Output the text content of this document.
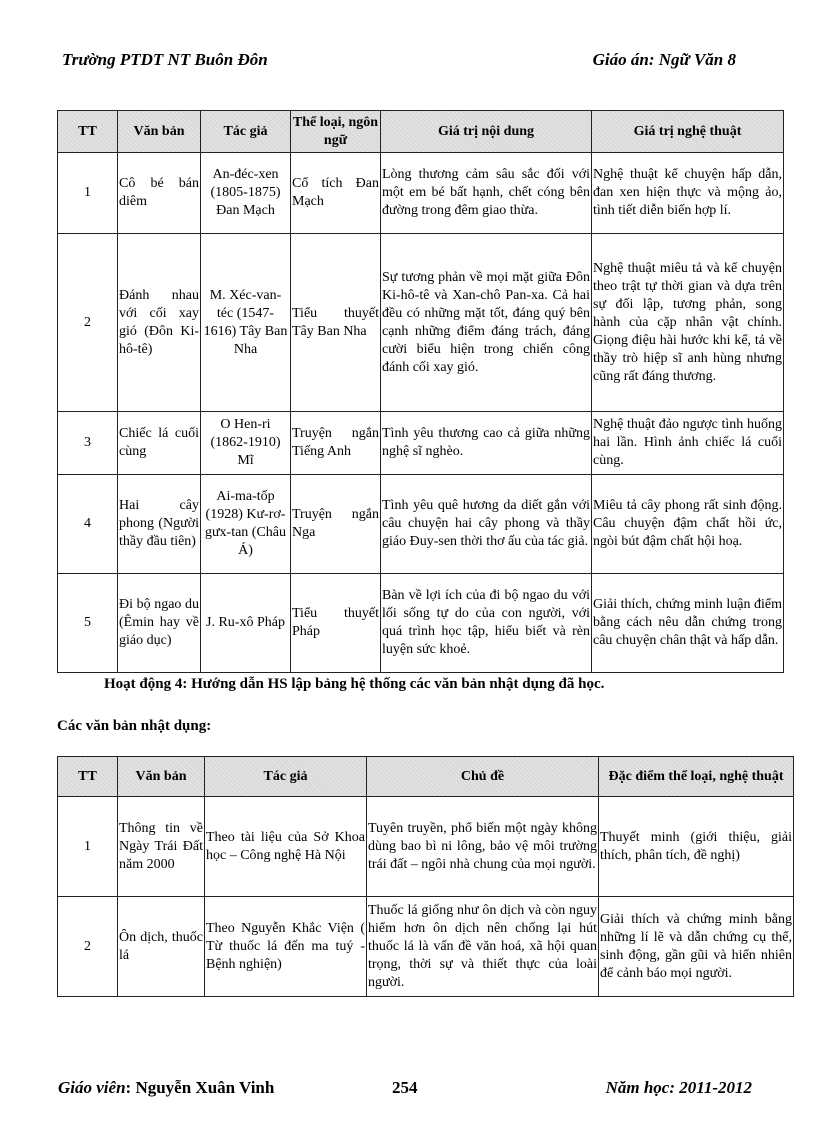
Trường PTDT NT Buôn Đôn	Giáo án: Ngữ Văn 8
TT	Văn bản	Tác giả	Thể loại, ngôn ngữ	Giá trị nội dung	Giá trị nghệ thuật
1	Cô bé bán diêm	An-đéc-xen (1805-1875) Đan Mạch	Cổ tích Đan Mạch	Lòng thương cảm sâu sắc đối với một em bé bất hạnh, chết cóng bên đường trong đêm giao thừa.	Nghệ thuật kể chuyện hấp dẫn, đan xen hiện thực và mộng ảo, tình tiết diễn biến hợp lí.
2	Đánh nhau với cối xay gió (Đôn Ki-hô-tê)	M. Xéc-van-téc (1547-1616) Tây Ban Nha	Tiểu thuyết Tây Ban Nha	Sự tương phản về mọi mặt giữa Đôn Ki-hô-tê và Xan-chô Pan-xa. Cả hai đều có những mặt tốt, đáng quý bên cạnh những điểm đáng trách, đáng cười biểu hiện trong chiến công đánh cối xay gió.	Nghệ thuật miêu tả và kể chuyện theo trật tự thời gian và dựa trên sự đối lập, tương phản, song hành của cặp nhân vật chính. Giọng điệu hài hước khi kể, tả về thầy trò hiệp sĩ anh hùng nhưng cũng rất đáng thương.
3	Chiếc lá cuối cùng	O Hen-ri (1862-1910) Mĩ	Truyện ngắn Tiếng Anh	Tình yêu thương cao cả giữa những nghệ sĩ nghèo.	Nghệ thuật đảo ngược tình huống hai lần. Hình ảnh chiếc lá cuối cùng.
4	Hai cây phong (Người thầy đầu tiên)	Ai-ma-tốp (1928) Kư-rơ-gưx-tan (Châu Á)	Truyện ngắn Nga	Tình yêu quê hương da diết gắn với câu chuyện hai cây phong và thầy giáo Đuy-sen thời thơ ấu của tác giả.	Miêu tả cây phong rất sinh động. Câu chuyện đậm chất hồi ức, ngòi bút đậm chất hội hoạ.
5	Đi bộ ngao du (Êmin hay về giáo dục)	J. Ru-xô Pháp	Tiểu thuyết Pháp	Bàn về lợi ích của đi bộ ngao du với lối sống tự do của con người, với quá trình học tập, hiểu biết và rèn luyện sức khoẻ.	Giải thích, chứng minh luận điểm bằng cách nêu dẫn chứng trong câu chuyện chân thật và hấp dẫn.
Hoạt động 4: Hướng dẫn HS lập bảng hệ thống các văn bản nhật dụng đã học.
Các văn bản nhật dụng:
TT	Văn bản	Tác giả	Chủ đề	Đặc điểm thể loại, nghệ thuật
1	Thông tin về Ngày Trái Đất năm 2000	Theo tài liệu của Sở Khoa học – Công nghệ Hà Nội	Tuyên truyền, phổ biến một ngày không dùng bao bì ni lông, bảo vệ môi trường trái đất – ngôi nhà chung của mọi người.	Thuyết minh (giới thiệu, giải thích, phân tích, đề nghị)
2	Ôn dịch, thuốc lá	Theo Nguyễn Khắc Viện ( Từ thuốc lá đến ma tuý - Bệnh nghiện)	Thuốc lá giống như ôn dịch và còn nguy hiểm hơn ôn dịch nên chống lại hút thuốc lá là vấn đề văn hoá, xã hội quan trọng, thời sự và thiết thực của loài người.	Giải thích và chứng minh bằng những lí lẽ và dẫn chứng cụ thể, sinh động, gần gũi và hiển nhiên để cảnh báo mọi người.
Giáo viên: Nguyễn Xuân Vinh	254	Năm học: 2011-2012
